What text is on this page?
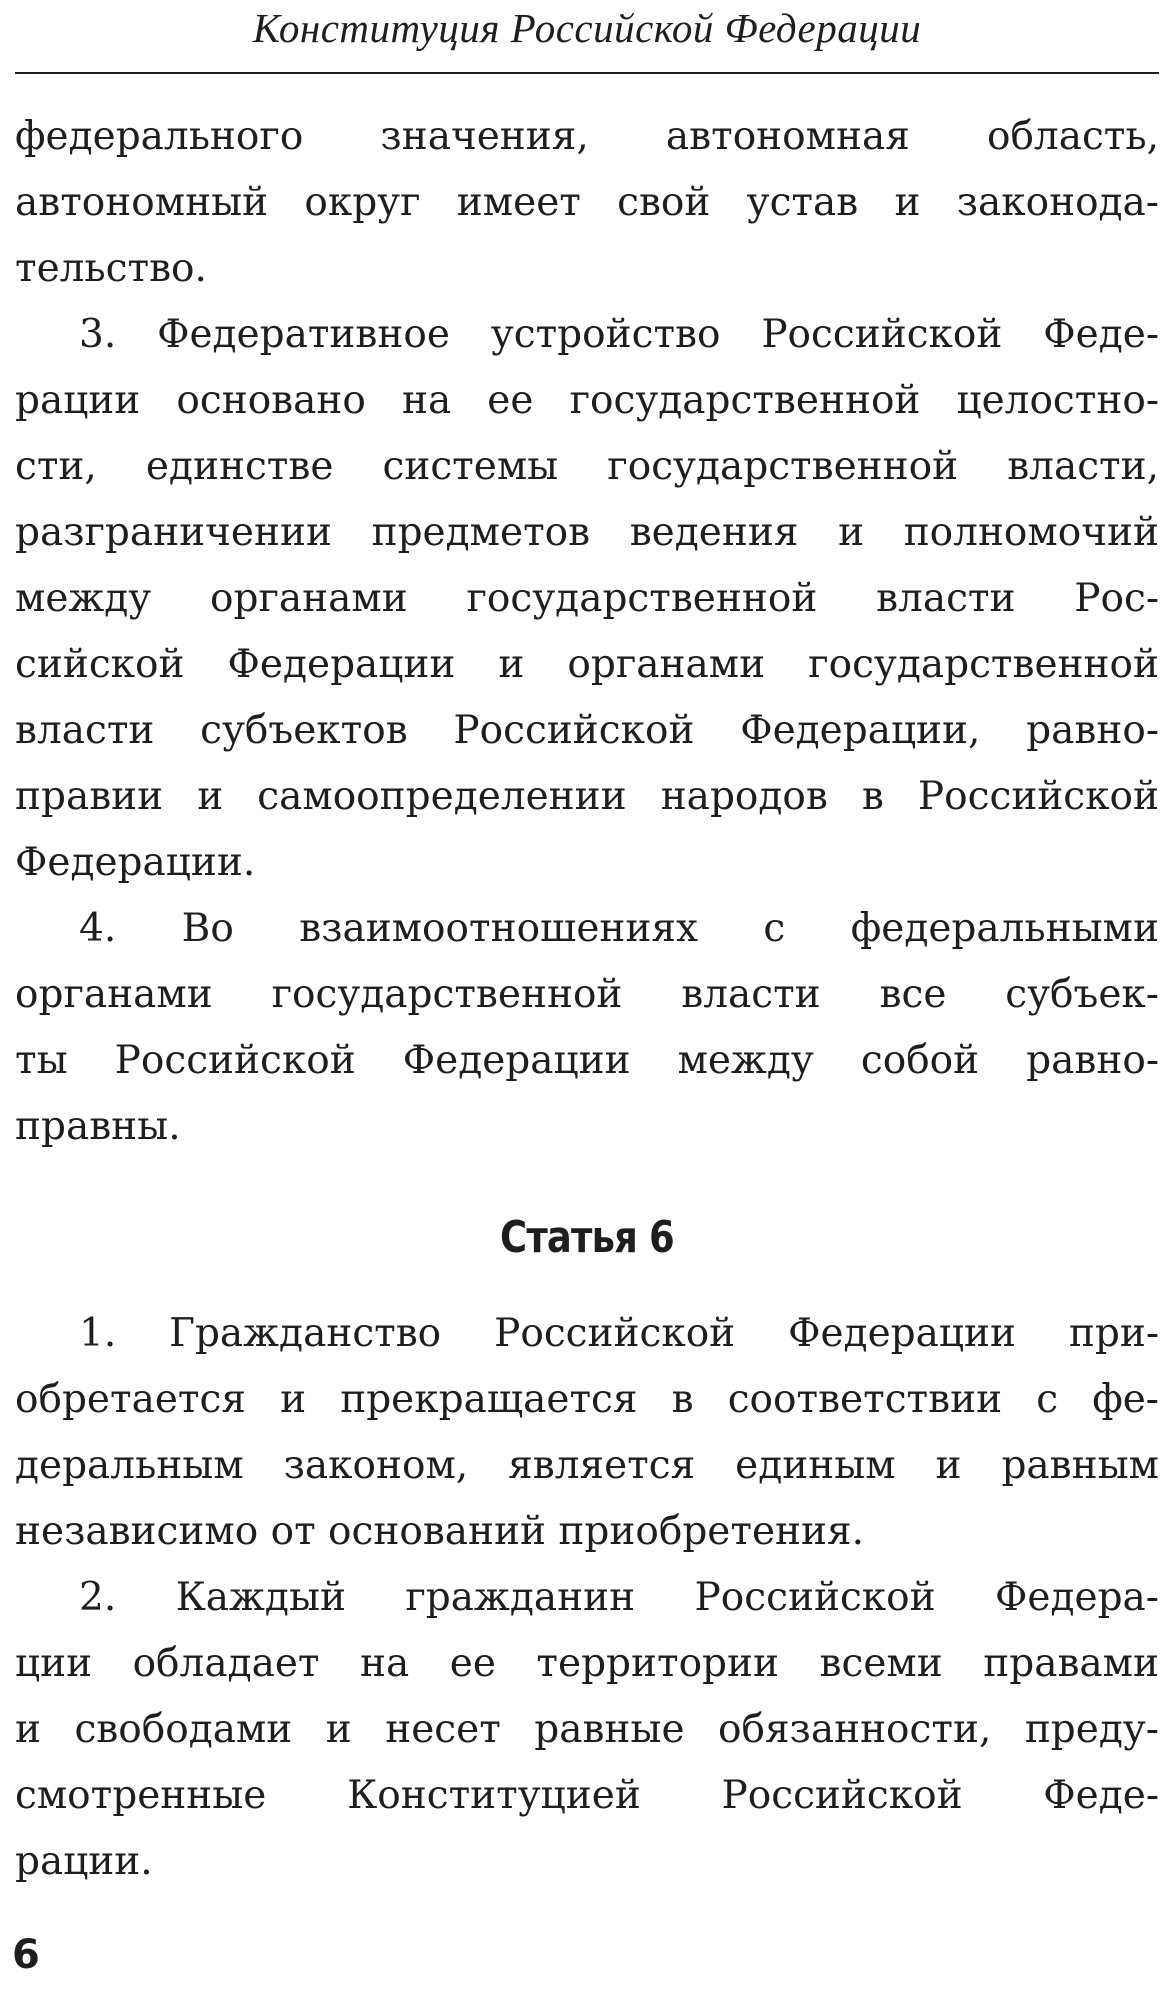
Конституция Российской Федерации
федерального значения, автономная область,
автономный округ имеет свой устав и законода-
тельство.
3. Федеративное устройство Российской Феде-
рации основано на ее государственной целостно-
сти, единстве системы государственной власти,
разграничении предметов ведения и полномочий
между органами государственной власти Рос-
сийской Федерации и органами государственной
власти субъектов Российской Федерации, равно-
правии и самоопределении народов в Российской
Федерации.
4. Во взаимоотношениях с федеральными
органами государственной власти все субъек-
ты Российской Федерации между собой равно-
правны.
Статья 6
1. Гражданство Российской Федерации при-
обретается и прекращается в соответствии с фе-
деральным законом, является единым и равным
независимо от оснований приобретения.
2. Каждый гражданин Российской Федера-
ции обладает на ее территории всеми правами
и свободами и несет равные обязанности, преду-
смотренные Конституцией Российской Феде-
рации.
6
